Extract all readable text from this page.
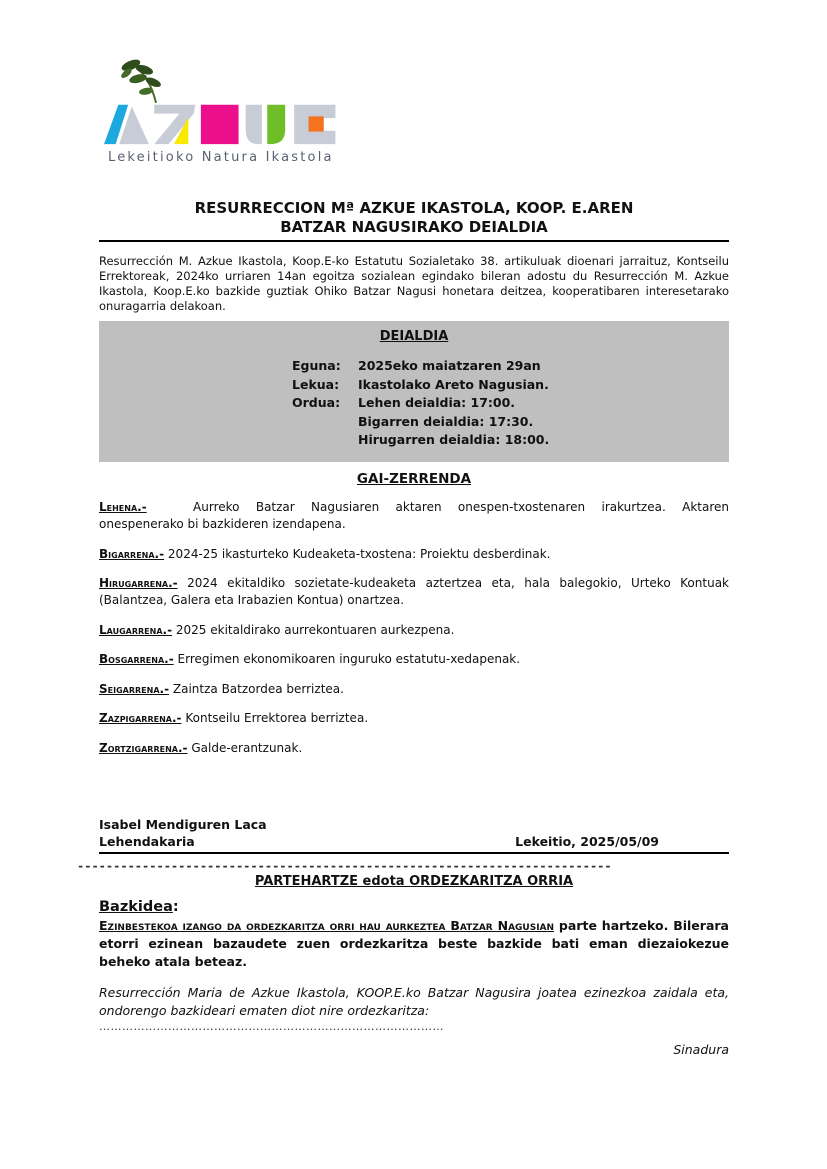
Lekeitioko Natura Ikastola
RESURRECCION Mª AZKUE IKASTOLA, KOOP. E.AREN
BATZAR NAGUSIRAKO DEIALDIA

Resurrección M. Azkue Ikastola, Koop.E-ko Estatutu Sozialetako 38. artikuluak dioenari jarraituz, Kontseilu Errektoreak, 2024ko urriaren 14an egoitza sozialean egindako bileran adostu du Resurrección M. Azkue Ikastola, Koop.E.ko bazkide guztiak Ohiko Batzar Nagusi honetara deitzea, kooperatibaren interesetarako onuragarria delakoan.

DEIALDIA
Eguna:	2025eko maiatzaren 29an
Lekua:	Ikastolako Areto Nagusian.
Ordua:	Lehen deialdia: 17:00.
Bigarren deialdia: 17:30.
Hirugarren deialdia: 18:00.
GAI-ZERRENDA
Lehena.-	Aurreko Batzar Nagusiaren aktaren onespen-txostenaren irakurtzea. Aktaren onespenerako bi bazkideren izendapena.
Bigarrena.- 2024-25 ikasturteko Kudeaketa-txostena: Proiektu desberdinak.
Hirugarrena.- 2024 ekitaldiko sozietate-kudeaketa aztertzea eta, hala balegokio, Urteko Kontuak (Balantzea, Galera eta Irabazien Kontua) onartzea.
Laugarrena.- 2025 ekitaldirako aurrekontuaren aurkezpena.
Bosgarrena.- Erregimen ekonomikoaren inguruko estatutu-xedapenak.
Seigarrena.- Zaintza Batzordea berriztea.
Zazpigarrena.- Kontseilu Errektorea berriztea.
Zortzigarrena.- Galde-erantzunak.
Isabel Mendiguren Laca
Lehendakaria	Lekeitio, 2025/05/09
--------------------------------------------------------------------------
PARTEHARTZE edota ORDEZKARITZA ORRIA
Bazkidea:

Ezinbestekoa izango da ordezkaritza orri hau aurkeztea Batzar Nagusian parte hartzeko. Bilerara etorri ezinean bazaudete zuen ordezkaritza beste bazkide bati eman diezaiokezue beheko atala beteaz.

Resurrección Maria de Azkue Ikastola, KOOP.E.ko Batzar Nagusira joatea ezinezkoa zaidala eta, ondorengo bazkideari ematen diot nire ordezkaritza:

………………………………………………………………………………
Sinadura
